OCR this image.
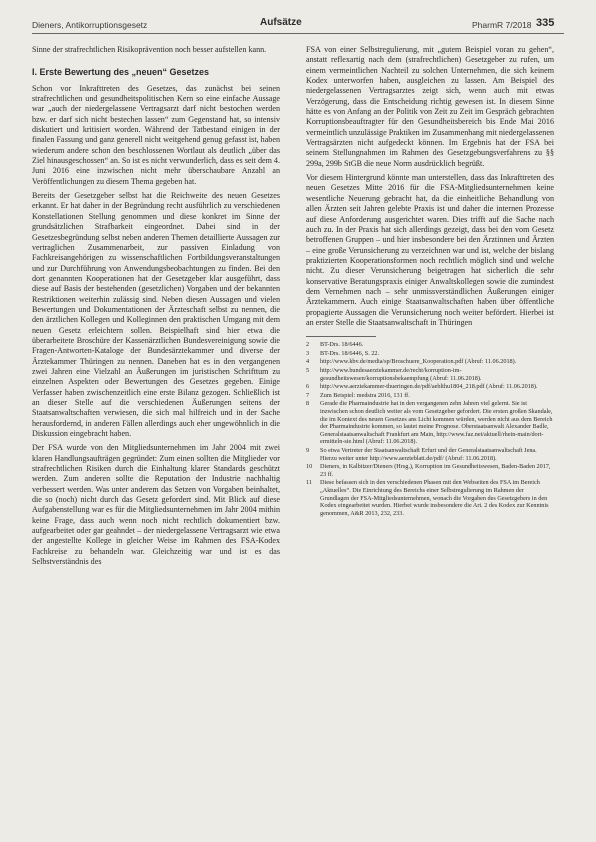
Dieners, Antikorruptionsgesetz	Aufsätze	PharmR 7/2018 335

Sinne der strafrechtlichen Risikoprävention noch besser aufstellen kann.

I. Erste Bewertung des „neuen“ Gesetzes

Schon vor Inkrafttreten des Gesetzes, das zunächst bei seinen strafrechtlichen und gesundheitspolitischen Kern so eine einfache Aussage war „auch der niedergelassene Vertragsarzt darf nicht bestochen werden bzw. er darf sich nicht bestechen lassen“ zum Gegenstand hat, so intensiv diskutiert und kritisiert worden. Während der Tatbestand einigen in der finalen Fassung und ganz generell nicht weitgehend genug gefasst ist, haben wiederum andere schon den beschlossenen Wortlaut als deutlich „über das Ziel hinausgeschossen“ an. So ist es nicht verwunderlich, dass es seit dem 4. Juni 2016 eine inzwischen nicht mehr überschaubare Anzahl an Veröffentlichungen zu diesem Thema gegeben hat.

Bereits der Gesetzgeber selbst hat die Reichweite des neuen Gesetzes erkannt. Er hat daher in der Begründung recht ausführlich zu verschiedenen Konstellationen Stellung genommen und diese konkret im Sinne der grundsätzlichen Strafbarkeit eingeordnet. Dabei sind in der Gesetzesbegründung selbst neben anderen Themen detaillierte Aussagen zur vertraglichen Zusammenarbeit, zur passiven Einladung von Fachkreisangehörigen zu wissenschaftlichen Fortbildungsveranstaltungen und zur Durchführung von Anwendungsbeobachtungen zu finden. Bei den dort genannten Kooperationen hat der Gesetzgeber klar ausgeführt, dass diese auf Basis der bestehenden (gesetzlichen) Vorgaben und der bekannten Restriktionen weiterhin zulässig sind. Neben diesen Aussagen und vielen Bewertungen und Dokumentationen der Ärzteschaft selbst zu nennen, die den ärztlichen Kollegen und Kolleginnen den praktischen Umgang mit dem neuen Gesetz erleichtern sollen. Beispielhaft sind hier etwa die überarbeitete Broschüre der Kassenärztlichen Bundesvereinigung sowie die Fragen-Antworten-Kataloge der Bundesärztekammer und diverse der Ärztekammer Thüringen zu nennen. Daneben hat es in den vergangenen zwei Jahren eine Vielzahl an Äußerungen im juristischen Schrifttum zu einzelnen Aspekten oder Bewertungen des Gesetzes gegeben. Einige Verfasser haben zwischenzeitlich eine erste Bilanz gezogen. Schließlich ist an dieser Stelle auf die verschiedenen Äußerungen seitens der Staatsanwaltschaften verwiesen, die sich mal hilfreich und in der Sache herausfordernd, in anderen Fällen allerdings auch eher ungewöhnlich in die Diskussion eingebracht haben.

Der FSA wurde von den Mitgliedsunternehmen im Jahr 2004 mit zwei klaren Handlungsaufträgen gegründet: Zum einen sollten die Mitglieder vor strafrechtlichen Risiken durch die Einhaltung klarer Standards geschützt werden. Zum anderen sollte die Reputation der Industrie nachhaltig verbessert werden. Was unter anderem das Setzen von Vorgaben beinhaltet, die so (noch) nicht durch das Gesetz gefordert sind. Mit Blick auf diese Aufgabenstellung war es für die Mitgliedsunternehmen im Jahr 2004 mithin keine Frage, dass auch wenn noch nicht rechtlich dokumentiert bzw. aufgearbeitet oder gar geahndet – der niedergelassene Vertragsarzt wie etwa der angestellte Kollege in gleicher Weise im Rahmen des FSA-Kodex Fachkreise zu behandeln war. Gleichzeitig war und ist es das Selbstverständnis des

FSA von einer Selbstregulierung, mit „gutem Beispiel voran zu gehen“, anstatt reflexartig nach dem (strafrechtlichen) Gesetzgeber zu rufen, um einem vermeintlichen Nachteil zu solchen Unternehmen, die sich keinem Kodex unterworfen haben, ausgleichen zu lassen. Am Beispiel des niedergelassenen Vertragsarztes zeigt sich, wenn auch mit etwas Verzögerung, dass die Entscheidung richtig gewesen ist. In diesem Sinne hätte es von Anfang an der Politik von Zeit zu Zeit im Gespräch gebrachten Korruptionsbeauftragter für den Gesundheitsbereich bis Ende Mai 2016 vermeintlich unzulässige Praktiken im Zusammenhang mit niedergelassenen Vertragsärzten nicht aufgedeckt können. Im Ergebnis hat der FSA bei seinem Stellungnahmen im Rahmen des Gesetzgebungsverfahrens zu §§ 299a, 299b StGB die neue Norm ausdrücklich begrüßt.

Vor diesem Hintergrund könnte man unterstellen, dass das Inkrafttreten des neuen Gesetzes Mitte 2016 für die FSA-Mitgliedsunternehmen keine wesentliche Neuerung gebracht hat, da die einheitliche Behandlung von allen Ärzten seit Jahren gelebte Praxis ist und daher die internen Prozesse auf diese Anforderung ausgerichtet waren. Dies trifft auf die Sache nach auch zu. In der Praxis hat sich allerdings gezeigt, dass bei den vom Gesetz betroffenen Gruppen – und hier insbesondere bei den Ärztinnen und Ärzten – eine große Verunsicherung zu verzeichnen war und ist, welche der bislang praktizierten Kooperationsformen noch rechtlich möglich sind und welche nicht. Zu dieser Verunsicherung beigetragen hat sicherlich die sehr konservative Beratungspraxis einiger Anwaltskollegen sowie die zumindest dem Vernehmen nach – sehr unmissverständlichen Äußerungen einiger Ärztekammern. Auch einige Staatsanwaltschaften haben über öffentliche propagierte Aussagen die Verunsicherung noch weiter befördert. Hierbei ist an erster Stelle die Staatsanwaltschaft in Thüringen

2	BT-Drs. 18/6446.
3	BT-Drs. 18/6446, S. 22.
4	http://www.kbv.de/media/sp/Broschuere_Kooperation.pdf (Abruf: 11.06.2018).
5	http://www.bundesaerztekammer.de/recht/korruption-im-gesundheitswesen/korruptionsbekaempfung (Abruf: 11.06.2018).
6	http://www.aerztekammer-thueringen.de/pdf/aeblthu1804_218.pdf (Abruf: 11.06.2018).
7	Zum Beispiel: medstra 2016, 131 ff.
8	Gerade die Pharmaindustrie hat in den vergangenen zehn Jahren viel gelernt. Sie ist inzwischen schon deutlich weiter als vom Gesetzgeber gefordert. Die ersten großen Skandale, die im Kontext des neuen Gesetzes ans Licht kommen würden, werden nicht aus dem Bereich der Pharmaindustrie kommen, so lautet meine Prognose. Oberstaatsanwalt Alexander Badle, Generalstaatsanwaltschaft Frankfurt am Main, http://www.faz.net/aktuell/rhein-main/dort-ermitteln-sie.html (Abruf: 11.06.2018).
9	So etwa Vertreter der Staatsanwaltschaft Erfurt und der Generalstaatsanwaltschaft Jena. Hierzu weiter unter http://www.aerzteblatt.de/pdf/ (Abruf: 11.06.2018).
10	Dieners, in Kalbitzer/Dieners (Hrsg.), Korruption im Gesundheitswesen, Baden-Baden 2017, 23 ff.
11	Diese befassen sich in den verschiedenen Phasen mit den Webseiten des FSA im Bereich „Aktuelles“. Die Einrichtung des Bereichs einer Selbstregulierung im Rahmen der Grundlagen der FSA-Mitgliedsunternehmen, wonach die Vorgaben des Gesetzgebers in den Kodex eingearbeitet wurden. Hierbei wurde insbesondere die Art. 2 des Kodex zur Kenntnis genommen, A&R 2013, 232, 233.
